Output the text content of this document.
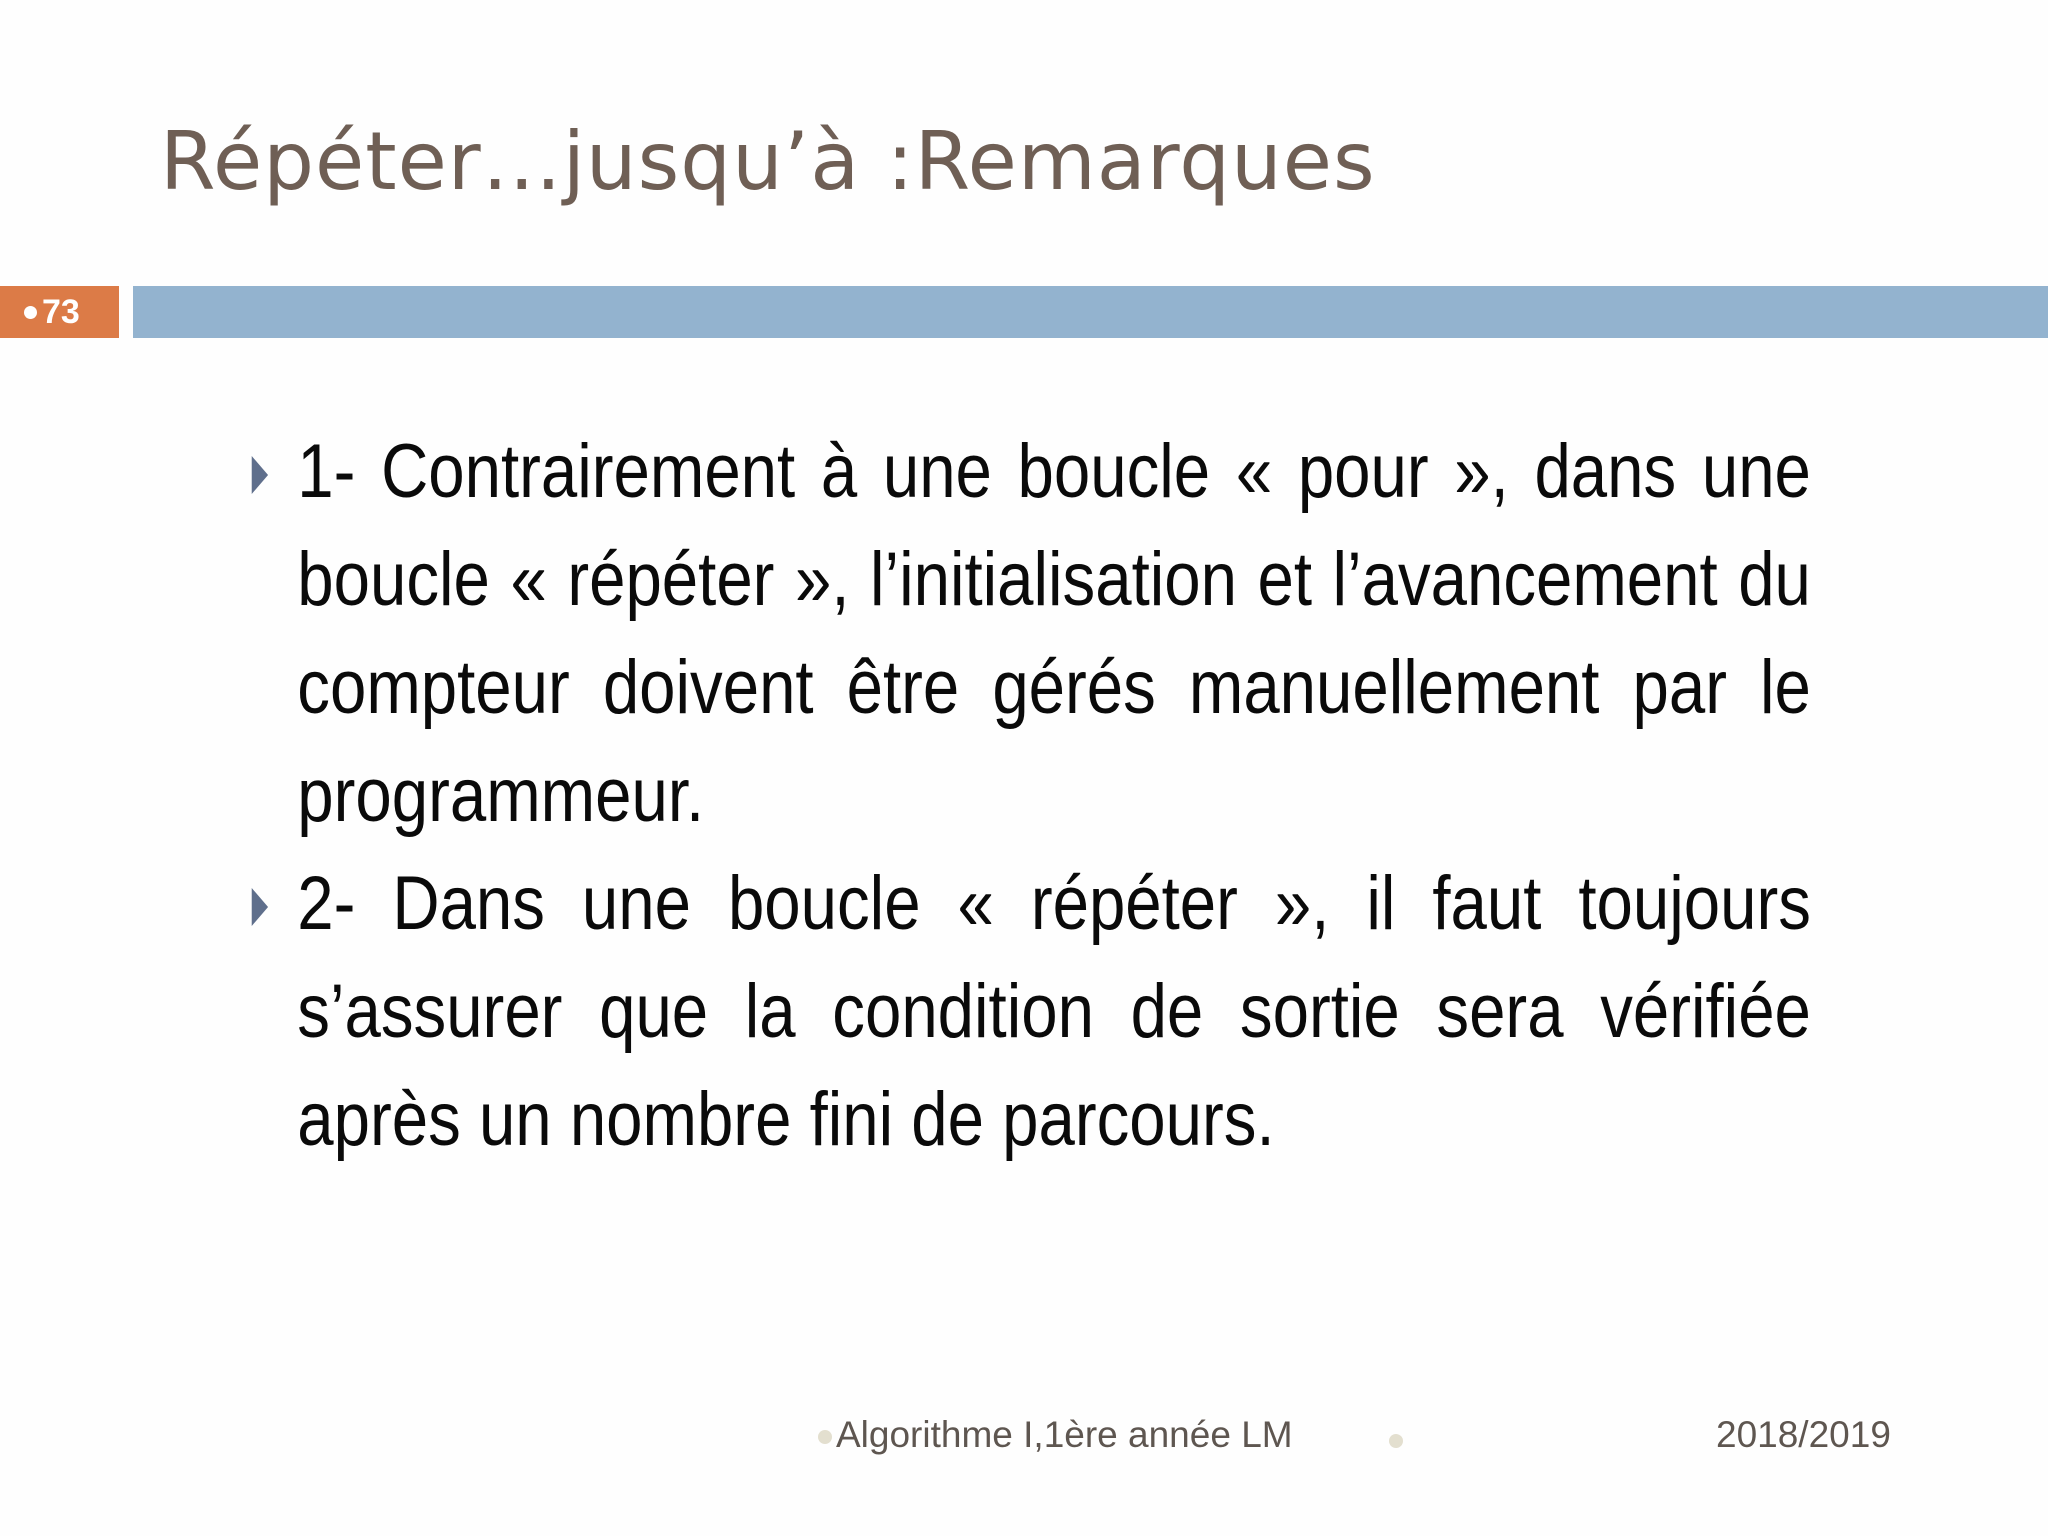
Répéter…jusqu’à :Remarques
73
1- Contrairement à une boucle « pour », dans une boucle « répéter », l’initialisation et l’avancement du compteur doivent être gérés manuellement par le programmeur.
2- Dans une boucle « répéter », il faut toujours s’assurer que la condition de sortie sera vérifiée après un nombre fini de parcours.
Algorithme I,1ère année LM	2018/2019
